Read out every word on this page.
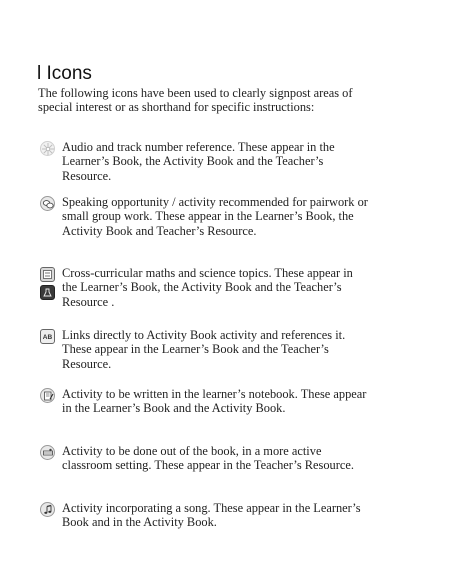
l Icons
The following icons have been used to clearly signpost areas of special interest or as shorthand for specific instructions:
Audio and track number reference. These appear in the Learner’s Book, the Activity Book and the Teacher’s Resource.
Speaking opportunity / activity recommended for pairwork or small group work. These appear in the Learner’s Book, the Activity Book and Teacher’s Resource.
Cross-curricular maths and science topics. These appear in the Learner’s Book, the Activity Book and the Teacher’s Resource .
AB Links directly to Activity Book activity and references it. These appear in the Learner’s Book and the Teacher’s Resource.
Activity to be written in the learner’s notebook. These appear in the Learner’s Book and the Activity Book.
Activity to be done out of the book, in a more active classroom setting. These appear in the Teacher’s Resource.
Activity incorporating a song. These appear in the Learner’s Book and in the Activity Book.
